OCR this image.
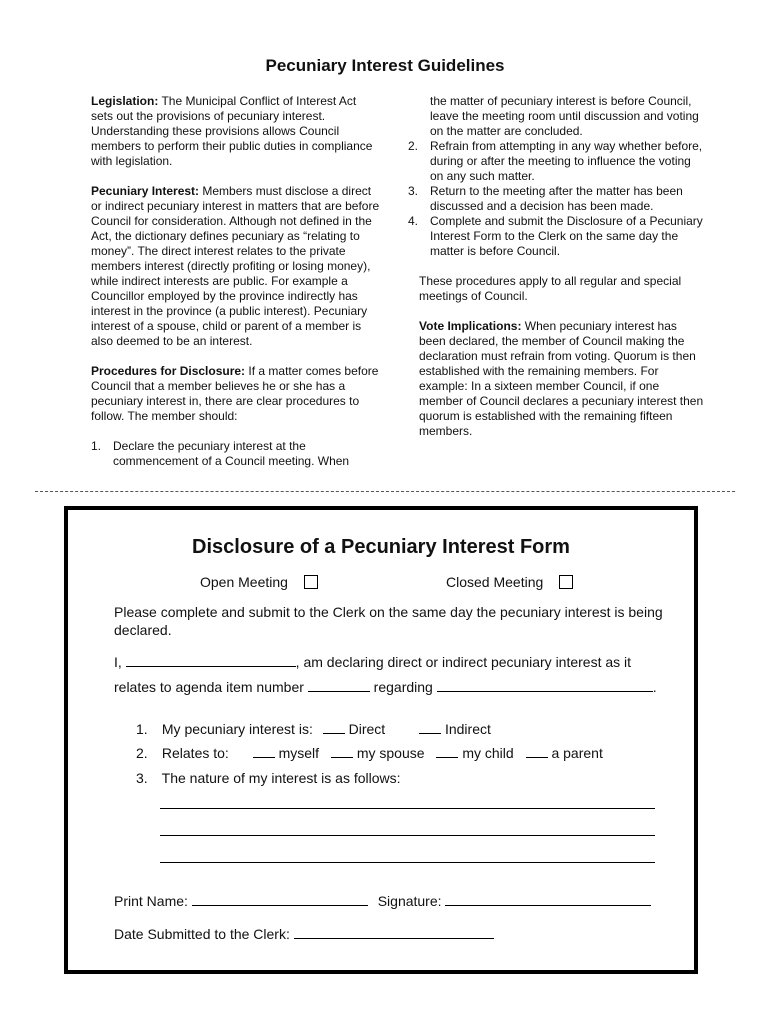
Pecuniary Interest Guidelines

Legislation: The Municipal Conflict of Interest Act sets out the provisions of pecuniary interest. Understanding these provisions allows Council members to perform their public duties in compliance with legislation.

Pecuniary Interest: Members must disclose a direct or indirect pecuniary interest in matters that are before Council for consideration. Although not defined in the Act, the dictionary defines pecuniary as “relating to money”. The direct interest relates to the private members interest (directly profiting or losing money), while indirect interests are public. For example a Councillor employed by the province indirectly has interest in the province (a public interest). Pecuniary interest of a spouse, child or parent of a member is also deemed to be an interest.

Procedures for Disclosure: If a matter comes before Council that a member believes he or she has a pecuniary interest in, there are clear procedures to follow. The member should:

1. Declare the pecuniary interest at the commencement of a Council meeting. When
the matter of pecuniary interest is before Council, leave the meeting room until discussion and voting on the matter are concluded.
2. Refrain from attempting in any way whether before, during or after the meeting to influence the voting on any such matter.
3. Return to the meeting after the matter has been discussed and a decision has been made.
4. Complete and submit the Disclosure of a Pecuniary Interest Form to the Clerk on the same day the matter is before Council.

These procedures apply to all regular and special meetings of Council.

Vote Implications: When pecuniary interest has been declared, the member of Council making the declaration must refrain from voting. Quorum is then established with the remaining members. For example: In a sixteen member Council, if one member of Council declares a pecuniary interest then quorum is established with the remaining fifteen members.

Disclosure of a Pecuniary Interest Form
Open Meeting	Closed Meeting
Please complete and submit to the Clerk on the same day the pecuniary interest is being declared.
I,	, am declaring direct or indirect pecuniary interest as it
relates to agenda item number	regarding	.
1. My pecuniary interest is:	Direct	Indirect
2. Relates to:	myself	my spouse	my child	a parent
3. The nature of my interest is as follows:
Print Name:	Signature:
Date Submitted to the Clerk:
